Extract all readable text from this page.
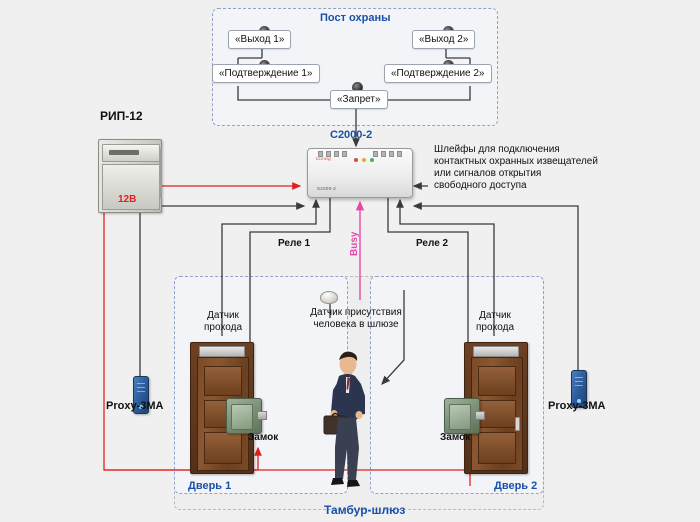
Пост охраны
«Выход 1»	«Выход 2»
«Подтверждение 1»	«Подтверждение 2»
«Запрет»
С2000-2
БОЛИД
S2000-2
Шлейфы для подключения
контактных охранных извещателей
или сигналов открытия
свободного доступа
РИП-12
12В
Реле 1	Реле 2
Busy
Датчик присутствия
человека в шлюзе
Датчик
прохода
Замок
Proxy-3MA
Дверь 1
Датчик
прохода
Замок
Proxy-3MA
Дверь 2
Тамбур-шлюз
